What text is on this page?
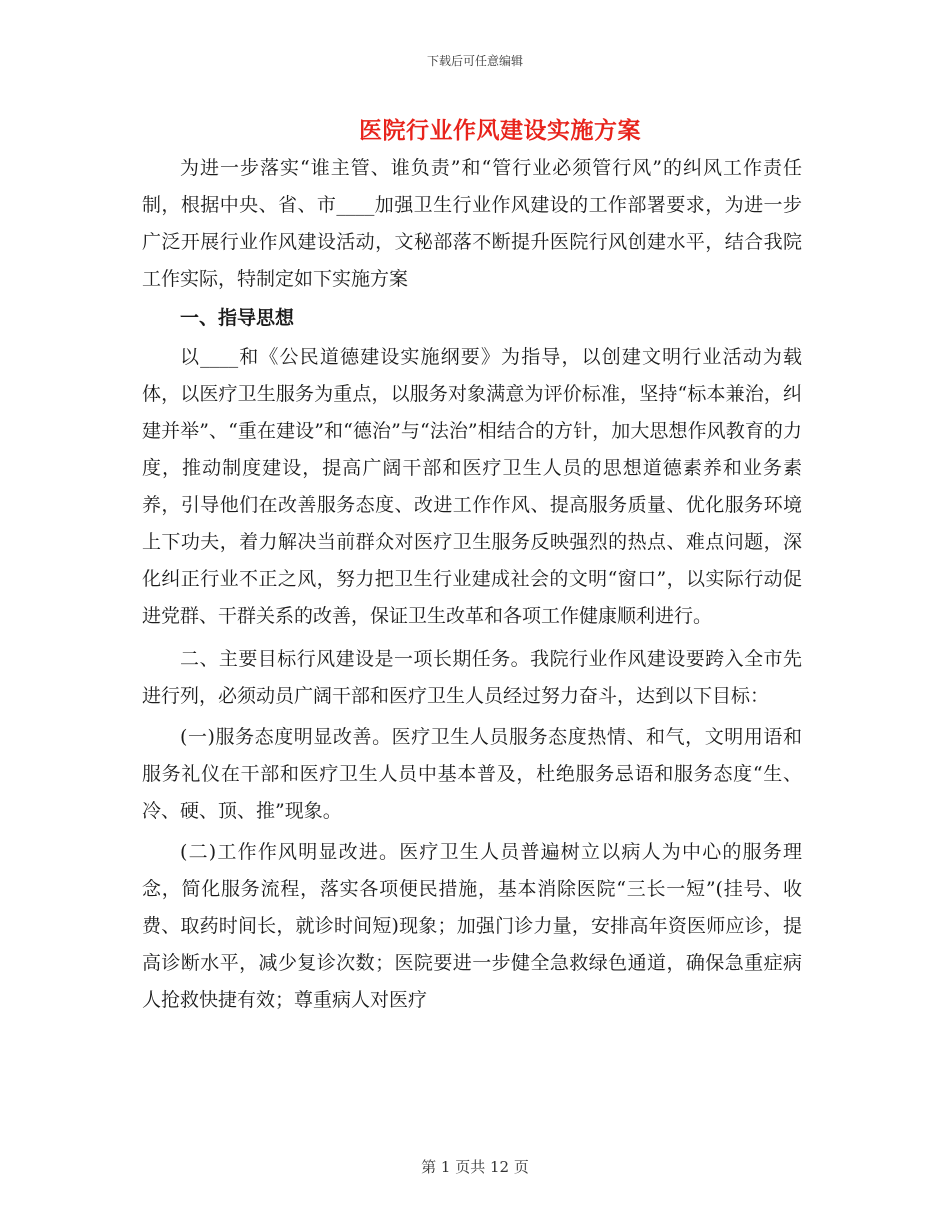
下载后可任意编辑
医院行业作风建设实施方案

为进一步落实“谁主管、谁负责”和“管行业必须管行风”的纠风工作责任制，根据中央、省、市____加强卫生行业作风建设的工作部署要求，为进一步广泛开展行业作风建设活动，文秘部落不断提升医院行风创建水平，结合我院工作实际，特制定如下实施方案

一、指导思想

以____和《公民道德建设实施纲要》为指导，以创建文明行业活动为载体，以医疗卫生服务为重点，以服务对象满意为评价标准，坚持“标本兼治，纠建并举”、“重在建设”和“德治”与“法治”相结合的方针，加大思想作风教育的力度，推动制度建设，提高广阔干部和医疗卫生人员的思想道德素养和业务素养，引导他们在改善服务态度、改进工作作风、提高服务质量、优化服务环境上下功夫，着力解决当前群众对医疗卫生服务反映强烈的热点、难点问题，深化纠正行业不正之风，努力把卫生行业建成社会的文明“窗口”，以实际行动促进党群、干群关系的改善，保证卫生改革和各项工作健康顺利进行。

二、主要目标行风建设是一项长期任务。我院行业作风建设要跨入全市先进行列，必须动员广阔干部和医疗卫生人员经过努力奋斗，达到以下目标：

(一)服务态度明显改善。医疗卫生人员服务态度热情、和气，文明用语和服务礼仪在干部和医疗卫生人员中基本普及，杜绝服务忌语和服务态度“生、冷、硬、顶、推”现象。

(二)工作作风明显改进。医疗卫生人员普遍树立以病人为中心的服务理念，简化服务流程，落实各项便民措施，基本消除医院“三长一短”(挂号、收费、取药时间长，就诊时间短)现象；加强门诊力量，安排高年资医师应诊，提高诊断水平，减少复诊次数；医院要进一步健全急救绿色通道，确保急重症病人抢救快捷有效；尊重病人对医疗

第 1 页共 12 页
